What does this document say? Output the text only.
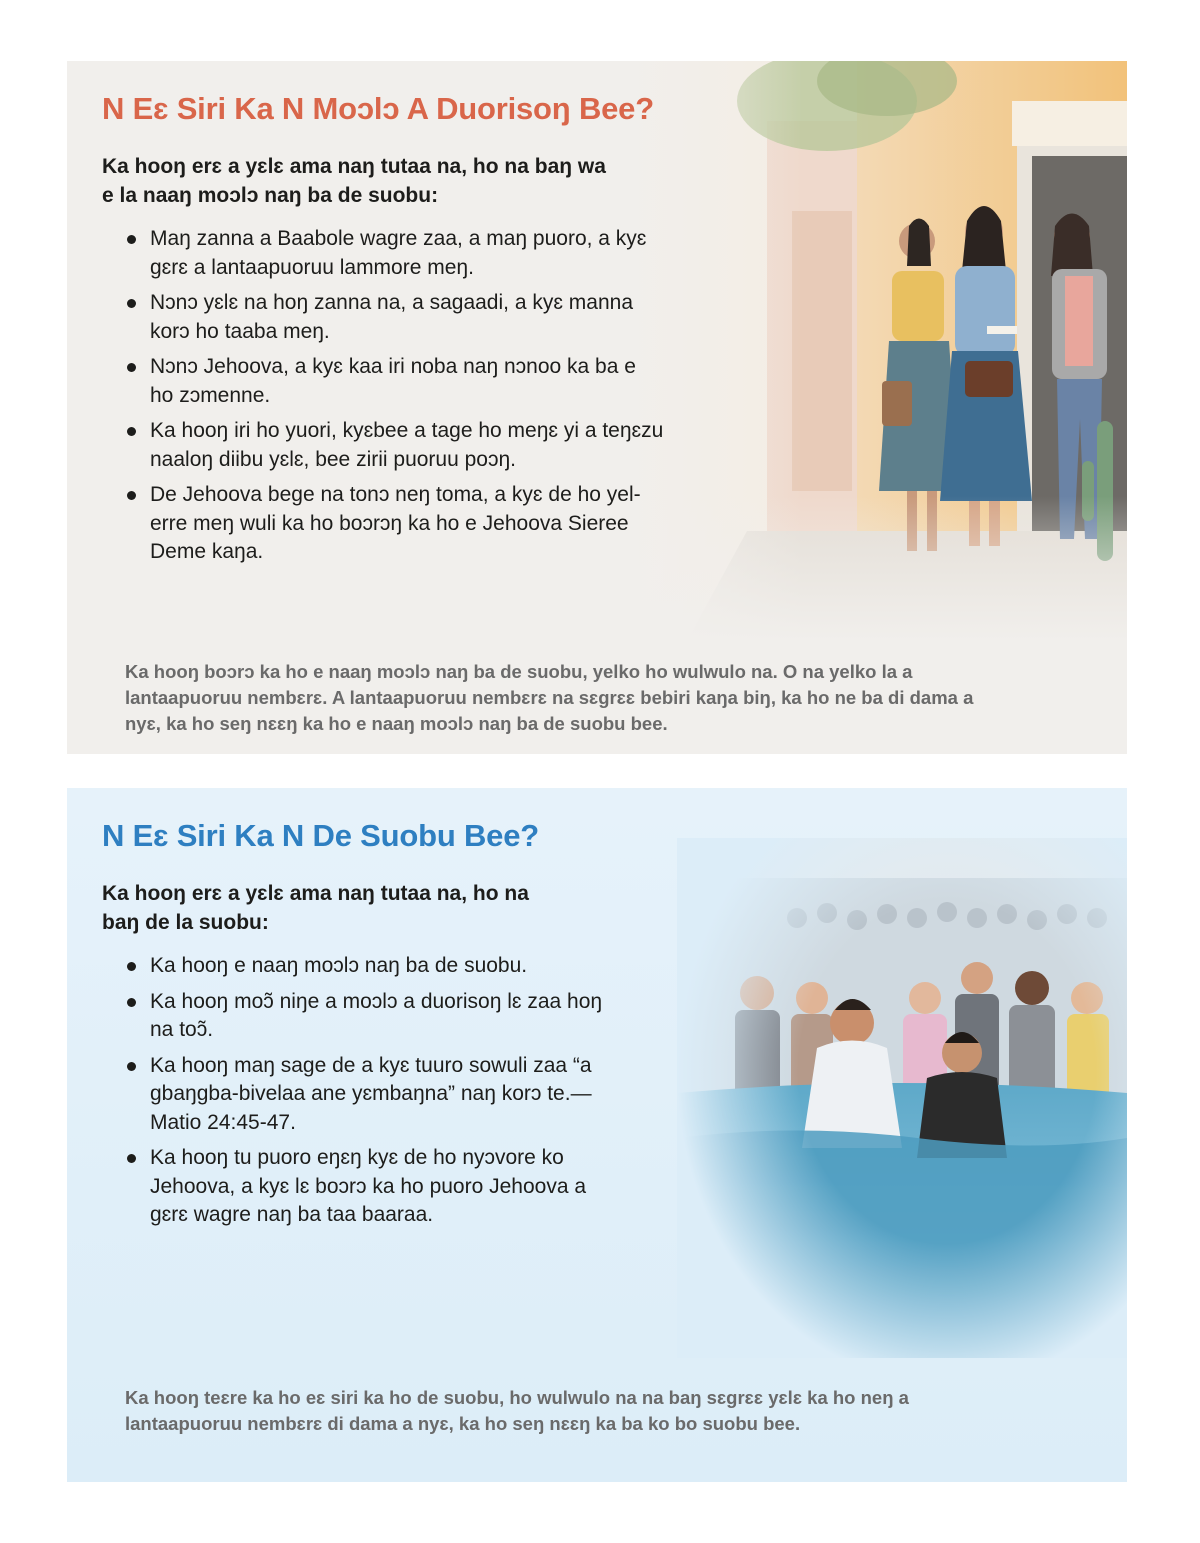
N Eɛ Siri Ka N Moɔlɔ A Duorisoŋ Bee?

Ka hooŋ erɛ a yɛlɛ ama naŋ tutaa na, ho na baŋ wa e la naaŋ moɔlɔ naŋ ba de suobu:

Maŋ zanna a Baabole wagre zaa, a maŋ puoro, a kyɛ gɛrɛ a lantaapuoruu lammore meŋ.
Nɔnɔ yɛlɛ na hoŋ zanna na, a sagaadi, a kyɛ manna korɔ ho taaba meŋ.
Nɔnɔ Jehoova, a kyɛ kaa iri noba naŋ nɔnoo ka ba e ho zɔmenne.
Ka hooŋ iri ho yuori, kyɛbee a tage ho meŋɛ yi a teŋɛzu naaloŋ diibu yɛlɛ, bee zirii puoruu poɔŋ.
De Jehoova bege na tonɔ neŋ toma, a kyɛ de ho yel-erre meŋ wuli ka ho boɔrɔŋ ka ho e Jehoova Sieree Deme kaŋa.

Ka hooŋ boɔrɔ ka ho e naaŋ moɔlɔ naŋ ba de suobu, yelko ho wulwulo na. O na yelko la a lantaapuoruu nembɛrɛ. A lantaapuoruu nembɛrɛ na sɛgrɛɛ bebiri kaŋa biŋ, ka ho ne ba di dama a nyɛ, ka ho seŋ nɛɛŋ ka ho e naaŋ moɔlɔ naŋ ba de suobu bee.

N Eɛ Siri Ka N De Suobu Bee?

Ka hooŋ erɛ a yɛlɛ ama naŋ tutaa na, ho na baŋ de la suobu:

Ka hooŋ e naaŋ moɔlɔ naŋ ba de suobu.
Ka hooŋ moɔ̃ niŋe a moɔlɔ a duorisoŋ lɛ zaa hoŋ na toɔ̃.
Ka hooŋ maŋ sage de a kyɛ tuuro sowuli zaa “a gbaŋgba-bivelaa ane yɛmbaŋna” naŋ korɔ te.—Matio 24:45-47.
Ka hooŋ tu puoro eŋɛŋ kyɛ de ho nyɔvore ko Jehoova, a kyɛ lɛ boɔrɔ ka ho puoro Jehoova a gɛrɛ wagre naŋ ba taa baaraa.

Ka hooŋ teɛre ka ho eɛ siri ka ho de suobu, ho wulwulo na na baŋ sɛgrɛɛ yɛlɛ ka ho neŋ a lantaapuoruu nembɛrɛ di dama a nyɛ, ka ho seŋ nɛɛŋ ka ba ko bo suobu bee.
